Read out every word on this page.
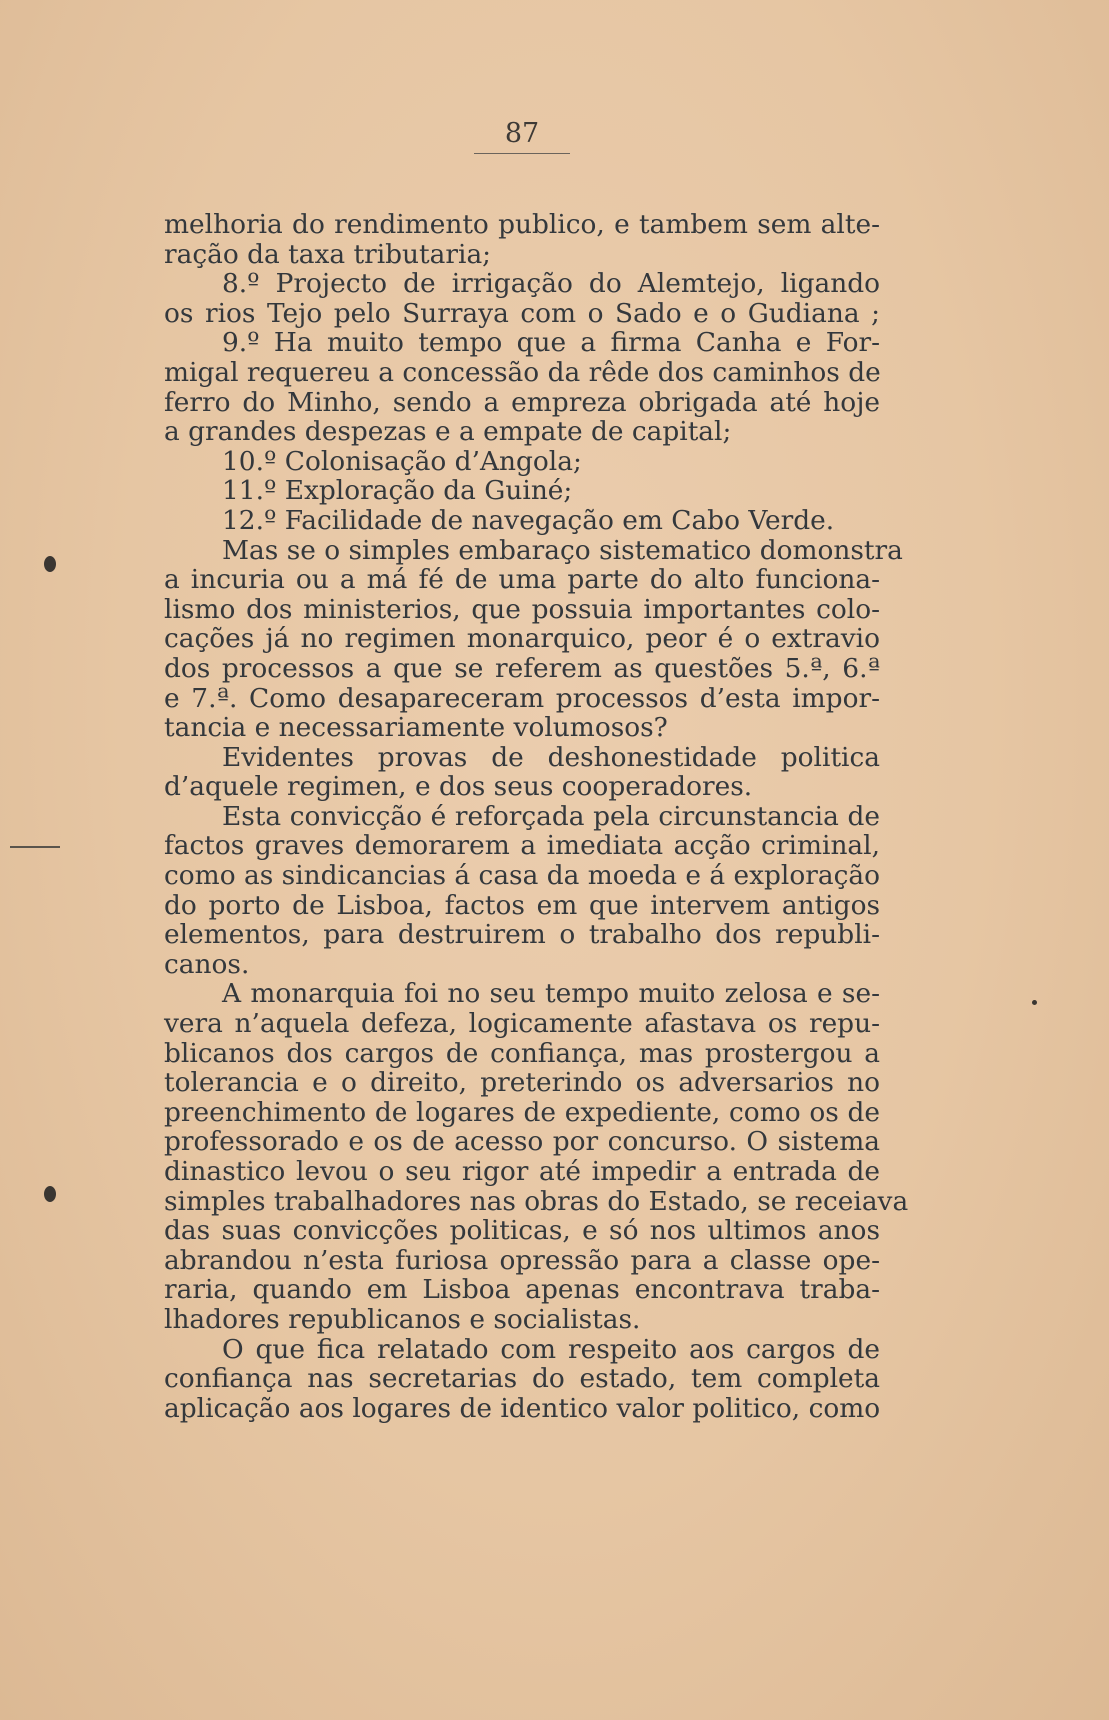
87
melhoria do rendimento publico, e tambem sem alte-
ração da taxa tributaria;
8.º Projecto de irrigação do Alemtejo, ligando
os rios Tejo pelo Surraya com o Sado e o Gudiana ;
9.º Ha muito tempo que a firma Canha e For-
migal requereu a concessão da rêde dos caminhos de
ferro do Minho, sendo a empreza obrigada até hoje
a grandes despezas e a empate de capital;
10.º Colonisação d’Angola;
11.º Exploração da Guiné;
12.º Facilidade de navegação em Cabo Verde.
Mas se o simples embaraço sistematico domonstra
a incuria ou a má fé de uma parte do alto funciona-
lismo dos ministerios, que possuia importantes colo-
cações já no regimen monarquico, peor é o extravio
dos processos a que se referem as questões 5.ª, 6.ª
e 7.ª. Como desapareceram processos d’esta impor-
tancia e necessariamente volumosos?
Evidentes provas de deshonestidade politica
d’aquele regimen, e dos seus cooperadores.
Esta convicção é reforçada pela circunstancia de
factos graves demorarem a imediata acção criminal,
como as sindicancias á casa da moeda e á exploração
do porto de Lisboa, factos em que intervem antigos
elementos, para destruirem o trabalho dos republi-
canos.
A monarquia foi no seu tempo muito zelosa e se-
vera n’aquela defeza, logicamente afastava os repu-
blicanos dos cargos de confiança, mas prostergou a
tolerancia e o direito, preterindo os adversarios no
preenchimento de logares de expediente, como os de
professorado e os de acesso por concurso. O sistema
dinastico levou o seu rigor até impedir a entrada de
simples trabalhadores nas obras do Estado, se receiava
das suas convicções politicas, e só nos ultimos anos
abrandou n’esta furiosa opressão para a classe ope-
raria, quando em Lisboa apenas encontrava traba-
lhadores republicanos e socialistas.
O que fica relatado com respeito aos cargos de
confiança nas secretarias do estado, tem completa
aplicação aos logares de identico valor politico, como
